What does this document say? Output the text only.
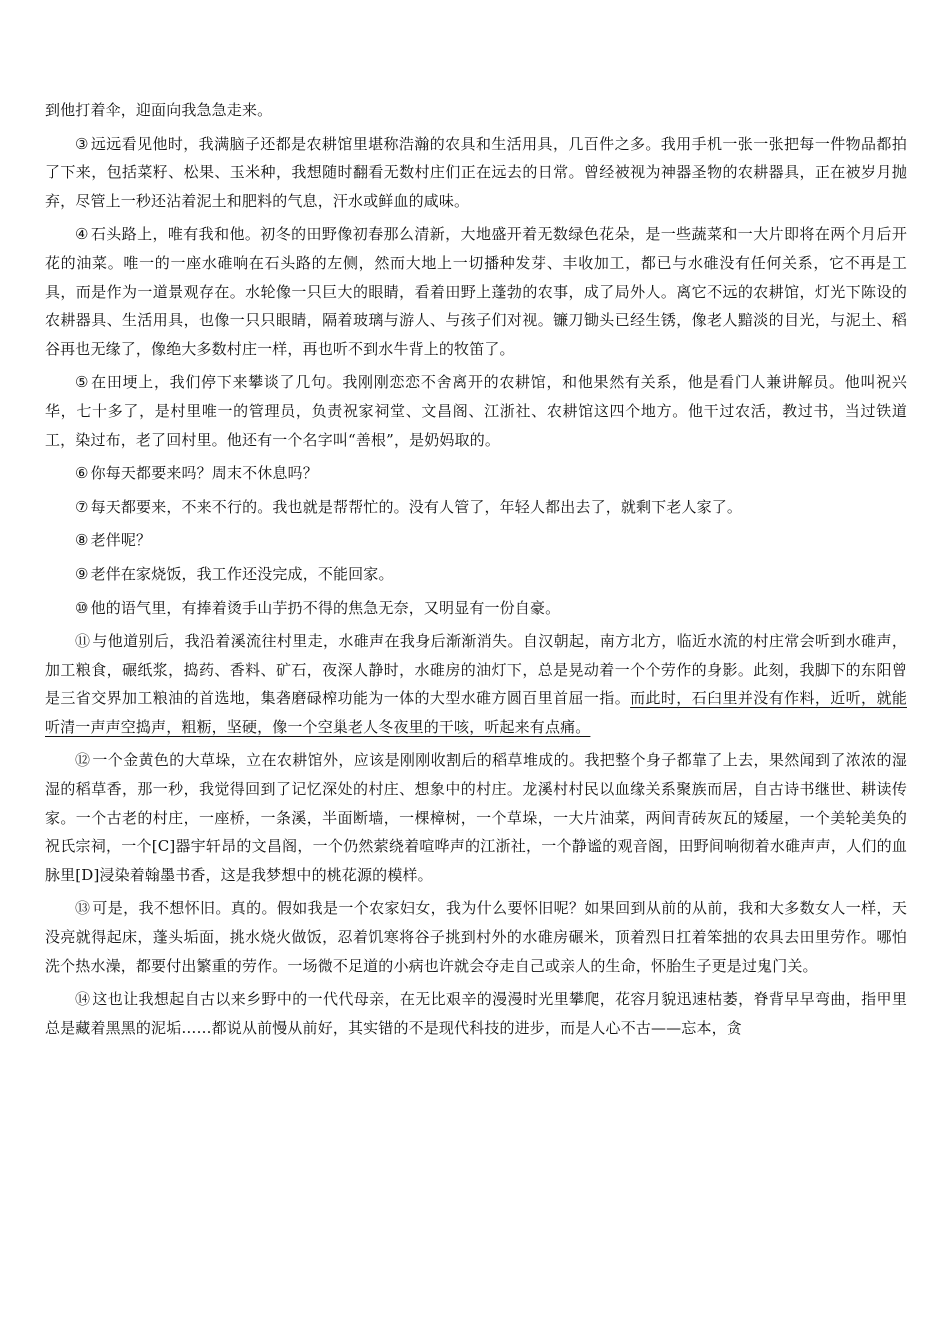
到他打着伞，迎面向我急急走来。

③ 远远看见他时，我满脑子还都是农耕馆里堪称浩瀚的农具和生活用具，几百件之多。我用手机一张一张把每一件物品都拍了下来，包括菜籽、松果、玉米种，我想随时翻看无数村庄们正在远去的日常。曾经被视为神器圣物的农耕器具，正在被岁月抛弃，尽管上一秒还沾着泥土和肥料的气息，汗水或鲜血的咸味。

④ 石头路上，唯有我和他。初冬的田野像初春那么清新，大地盛开着无数绿色花朵，是一些蔬菜和一大片即将在两个月后开花的油菜。唯一的一座水碓响在石头路的左侧，然而大地上一切播种发芽、丰收加工，都已与水碓没有任何关系，它不再是工具，而是作为一道景观存在。水轮像一只巨大的眼睛，看着田野上蓬勃的农事，成了局外人。离它不远的农耕馆，灯光下陈设的农耕器具、生活用具，也像一只只眼睛，隔着玻璃与游人、与孩子们对视。镰刀锄头已经生锈，像老人黯淡的目光，与泥土、稻谷再也无缘了，像绝大多数村庄一样，再也听不到水牛背上的牧笛了。

⑤ 在田埂上，我们停下来攀谈了几句。我刚刚恋恋不舍离开的农耕馆，和他果然有关系，他是看门人兼讲解员。他叫祝兴华，七十多了，是村里唯一的管理员，负责祝家祠堂、文昌阁、江浙社、农耕馆这四个地方。他干过农活，教过书，当过铁道工，染过布，老了回村里。他还有一个名字叫“善根”，是奶妈取的。

⑥ 你每天都要来吗？周末不休息吗？

⑦ 每天都要来，不来不行的。我也就是帮帮忙的。没有人管了，年轻人都出去了，就剩下老人家了。

⑧ 老伴呢？

⑨ 老伴在家烧饭，我工作还没完成，不能回家。

⑩ 他的语气里，有捧着烫手山芋扔不得的焦急无奈，又明显有一份自豪。

⑪ 与他道别后，我沿着溪流往村里走，水碓声在我身后渐渐消失。自汉朝起，南方北方，临近水流的村庄常会听到水碓声，加工粮食，碾纸浆，捣药、香料、矿石，夜深人静时，水碓房的油灯下，总是晃动着一个个劳作的身影。此刻，我脚下的东阳曾是三省交界加工粮油的首选地，集砻磨碌榨功能为一体的大型水碓方圆百里首屈一指。而此时，石臼里并没有作料，近听，就能听清一声声空捣声，粗粝，坚硬，像一个空巢老人冬夜里的干咳，听起来有点痛。

⑫ 一个金黄色的大草垛，立在农耕馆外，应该是刚刚收割后的稻草堆成的。我把整个身子都靠了上去，果然闻到了浓浓的湿湿的稻草香，那一秒，我觉得回到了记忆深处的村庄、想象中的村庄。龙溪村村民以血缘关系聚族而居，自古诗书继世、耕读传家。一个古老的村庄，一座桥，一条溪，半面断墙，一棵樟树，一个草垛，一大片油菜，两间青砖灰瓦的矮屋，一个美轮美奂的祝氏宗祠，一个[C]器宇轩昂的文昌阁，一个仍然萦绕着喧哗声的江浙社，一个静谧的观音阁，田野间响彻着水碓声声，人们的血脉里[D]浸染着翰墨书香，这是我梦想中的桃花源的模样。

⑬ 可是，我不想怀旧。真的。假如我是一个农家妇女，我为什么要怀旧呢？如果回到从前的从前，我和大多数女人一样，天没亮就得起床，蓬头垢面，挑水烧火做饭，忍着饥寒将谷子挑到村外的水碓房碾米，顶着烈日扛着笨拙的农具去田里劳作。哪怕洗个热水澡，都要付出繁重的劳作。一场微不足道的小病也许就会夺走自己或亲人的生命，怀胎生子更是过鬼门关。

⑭ 这也让我想起自古以来乡野中的一代代母亲，在无比艰辛的漫漫时光里攀爬，花容月貌迅速枯萎，脊背早早弯曲，指甲里总是藏着黑黑的泥垢……都说从前慢从前好，其实错的不是现代科技的进步，而是人心不古——忘本，贪
